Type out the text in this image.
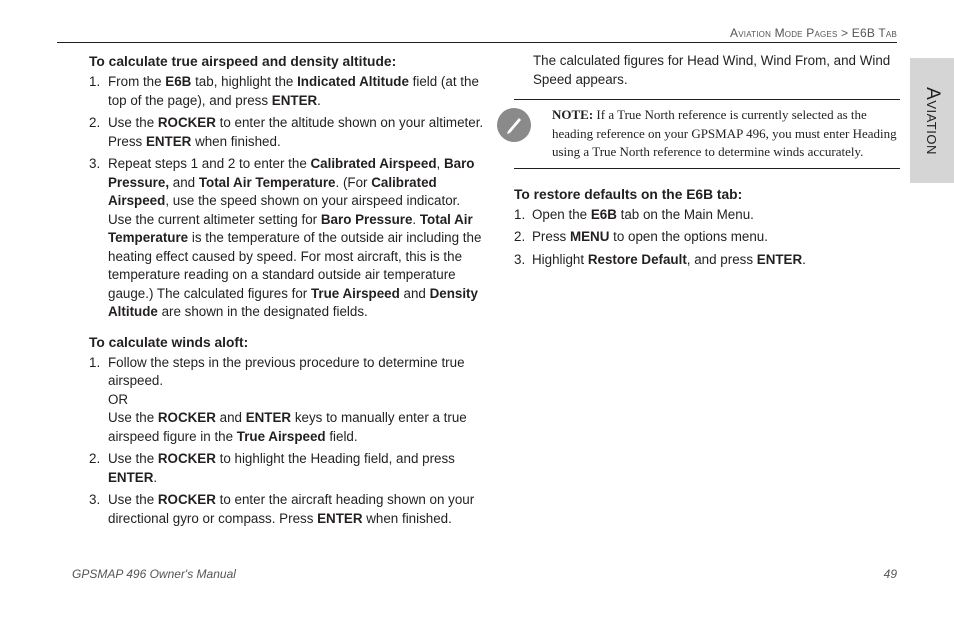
Aviation Mode Pages > E6B Tab
Aviation
To calculate true airspeed and density altitude:
1. From the E6B tab, highlight the Indicated Altitude field (at the top of the page), and press ENTER.
2. Use the ROCKER to enter the altitude shown on your altimeter. Press ENTER when finished.
3. Repeat steps 1 and 2 to enter the Calibrated Airspeed, Baro Pressure, and Total Air Temperature. (For Calibrated Airspeed, use the speed shown on your airspeed indicator. Use the current altimeter setting for Baro Pressure. Total Air Temperature is the temperature of the outside air including the heating effect caused by speed. For most aircraft, this is the temperature reading on a standard outside air temperature gauge.) The calculated figures for True Airspeed and Density Altitude are shown in the designated fields.
To calculate winds aloft:
1. Follow the steps in the previous procedure to determine true airspeed.
OR
Use the ROCKER and ENTER keys to manually enter a true airspeed figure in the True Airspeed field.
2. Use the ROCKER to highlight the Heading field, and press ENTER.
3. Use the ROCKER to enter the aircraft heading shown on your directional gyro or compass. Press ENTER when finished.

The calculated figures for Head Wind, Wind From, and Wind Speed appears.

NOTE: If a True North reference is currently selected as the heading reference on your GPSMAP 496, you must enter Heading using a True North reference to determine winds accurately.
To restore defaults on the E6B tab:
1. Open the E6B tab on the Main Menu.
2. Press MENU to open the options menu.
3. Highlight Restore Default, and press ENTER.
GPSMAP 496 Owner's Manual	49
